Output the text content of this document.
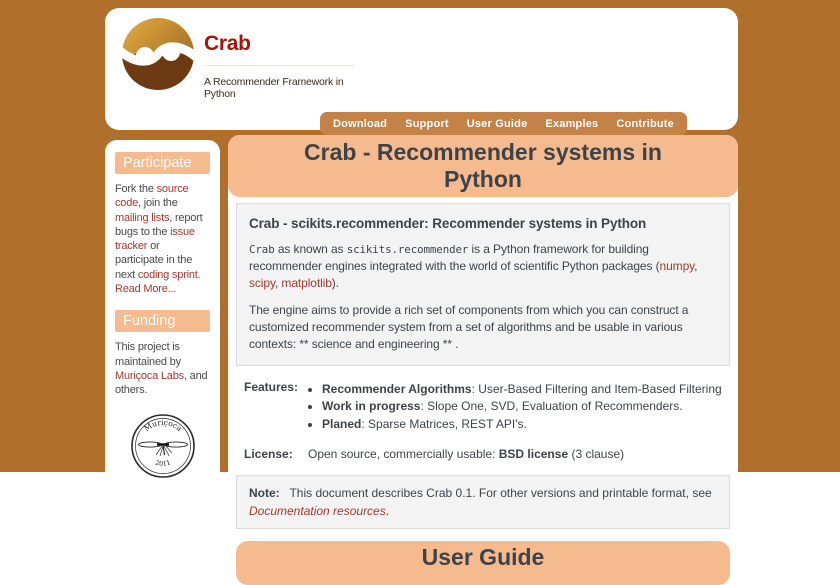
Crab
A Recommender Framework in Python
Download	Support	User Guide	Examples	Contribute
Participate
Fork the source code, join the mailing lists, report bugs to the issue tracker or participate in the next coding sprint. Read More...
Funding
This project is maintained by Muriçoca Labs, and others.
Muriçoca
2011
Crab - Recommender systems in Python
Crab - scikits.recommender: Recommender systems in Python

Crab as known as scikits.recommender is a Python framework for building recommender engines integrated with the world of scientific Python packages (numpy, scipy, matplotlib).

The engine aims to provide a rich set of components from which you can construct a customized recommender system from a set of algorithms and be usable in various contexts: ** science and engineering ** .

Features:	• Recommender Algorithms: User-Based Filtering and Item-Based Filtering
• Work in progress: Slope One, SVD, Evaluation of Recommenders.
• Planed: Sparse Matrices, REST API's.
License:	Open source, commercially usable: BSD license (3 clause)
Note:   This document describes Crab 0.1. For other versions and printable format, see Documentation resources.
User Guide
